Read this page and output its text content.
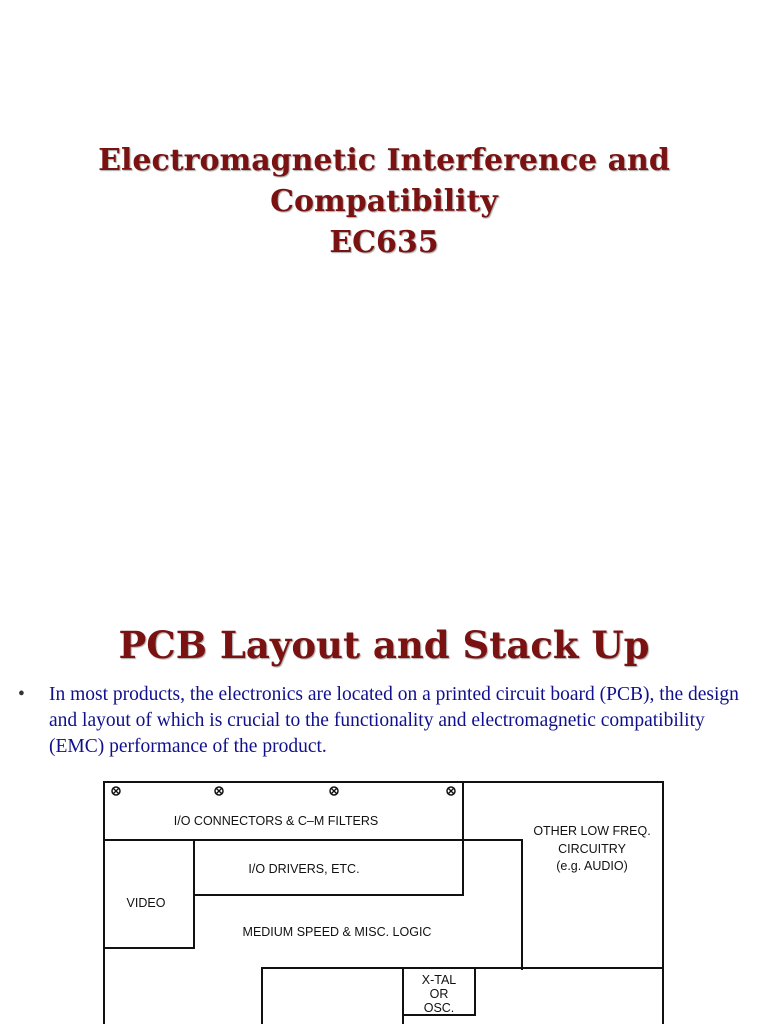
Electromagnetic Interference and
Compatibility
EC635
PCB Layout and Stack Up
•	In most products, the electronics are located on a printed circuit board (PCB), the design and layout of which is crucial to the functionality and electromagnetic compatibility (EMC) performance of the product.
I/O CONNECTORS & C–M FILTERS
OTHER LOW FREQ.
CIRCUITRY
(e.g. AUDIO)
I/O DRIVERS, ETC.
VIDEO
MEDIUM SPEED & MISC. LOGIC
X-TAL
OR
OSC.
